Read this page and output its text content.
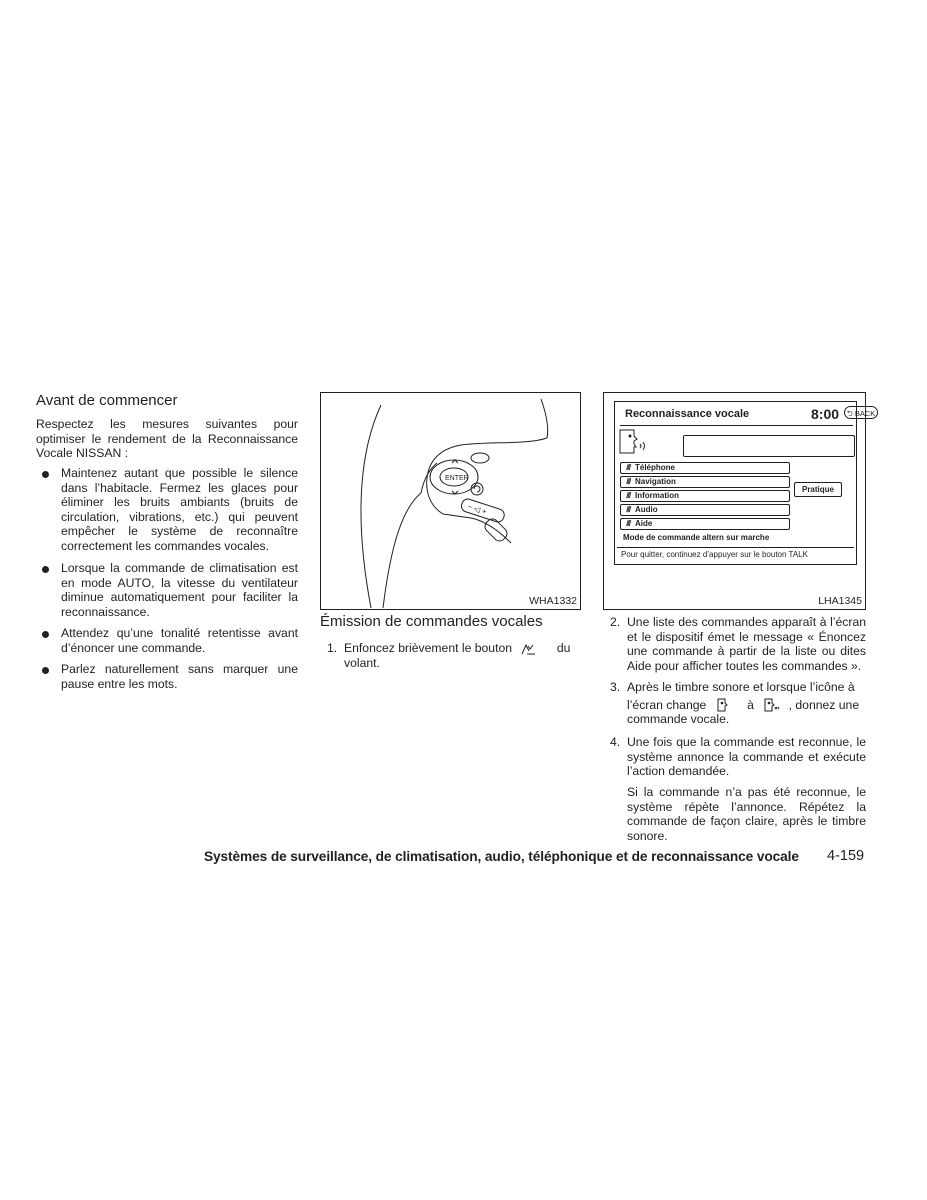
Avant de commencer
Respectez les mesures suivantes pour optimiser le rendement de la Reconnaissance Vocale NISSAN :
Maintenez autant que possible le silence dans l’habitacle. Fermez les glaces pour éliminer les bruits ambiants (bruits de circulation, vibrations, etc.) qui peuvent empêcher le système de reconnaître correctement les commandes vocales.
Lorsque la commande de climatisation est en mode AUTO, la vitesse du ventilateur diminue automatiquement pour faciliter la reconnaissance.
Attendez qu’une tonalité retentisse avant d’énoncer une commande.
Parlez naturellement sans marquer une pause entre les mots.
ENTER
− ◁ +
WHA1332
Émission de commandes vocales
1. Enfoncez brièvement le bouton	du volant.
Reconnaissance vocale	8:00	⮌ BACK
𝍫 Téléphone
𝍫 Navigation
𝍫 Information
𝍫 Audio
𝍫 Aide
Pratique
Mode de commande altern sur marche
Pour quitter, continuez d’appuyer sur le bouton TALK
LHA1345
2. Une liste des commandes apparaît à l’écran et le dispositif émet le message « Énoncez une commande à partir de la liste ou dites Aide pour afficher toutes les commandes ».
3. Après le timbre sonore et lorsque l’icône à
l’écran change	à	, donnez une
commande vocale.
4. Une fois que la commande est reconnue, le système annonce la commande et exécute l’action demandée.
Si la commande n’a pas été reconnue, le système répète l’annonce. Répétez la commande de façon claire, après le timbre sonore.
Systèmes de surveillance, de climatisation, audio, téléphonique et de reconnaissance vocale 4-159
